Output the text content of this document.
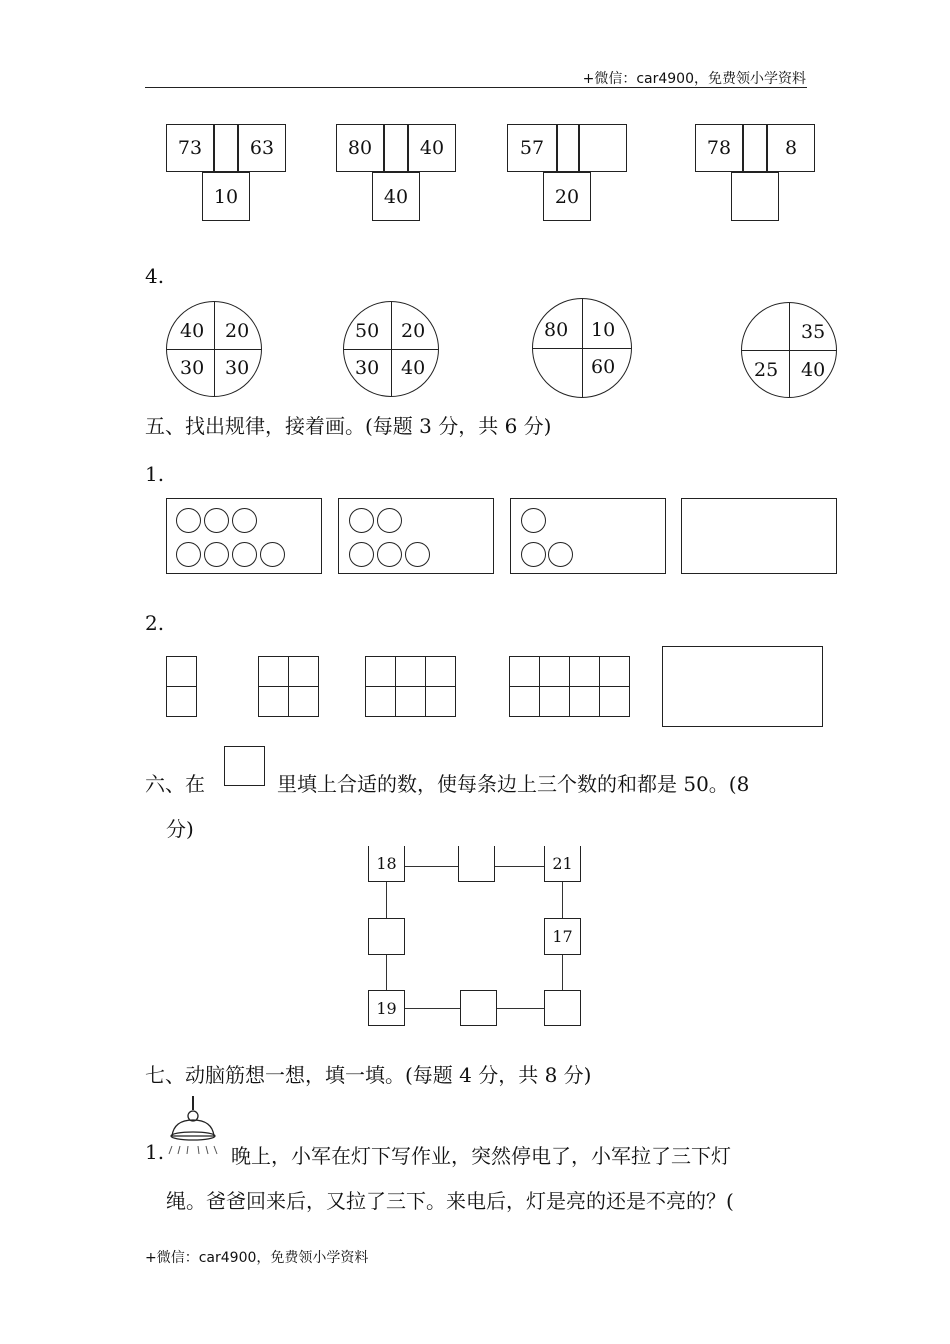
+微信：car4900，免费领小学资料
+微信：car4900，免费领小学资料
73	63
10
80	40
40
57
20
78	8
4.
40 20
30 30
50 20
30 40
80 10
60
35
25 40
五、找出规律，接着画。(每题 3 分，共 6 分)
1.
2.
六、在	里填上合适的数，使每条边上三个数的和都是 50。(8
分)
18	21
17
19
七、动脑筋想一想，填一填。(每题 4 分，共 8 分)
1.	晚上，小军在灯下写作业，突然停电了，小军拉了三下灯
绳。爸爸回来后，又拉了三下。来电后，灯是亮的还是不亮的？(
